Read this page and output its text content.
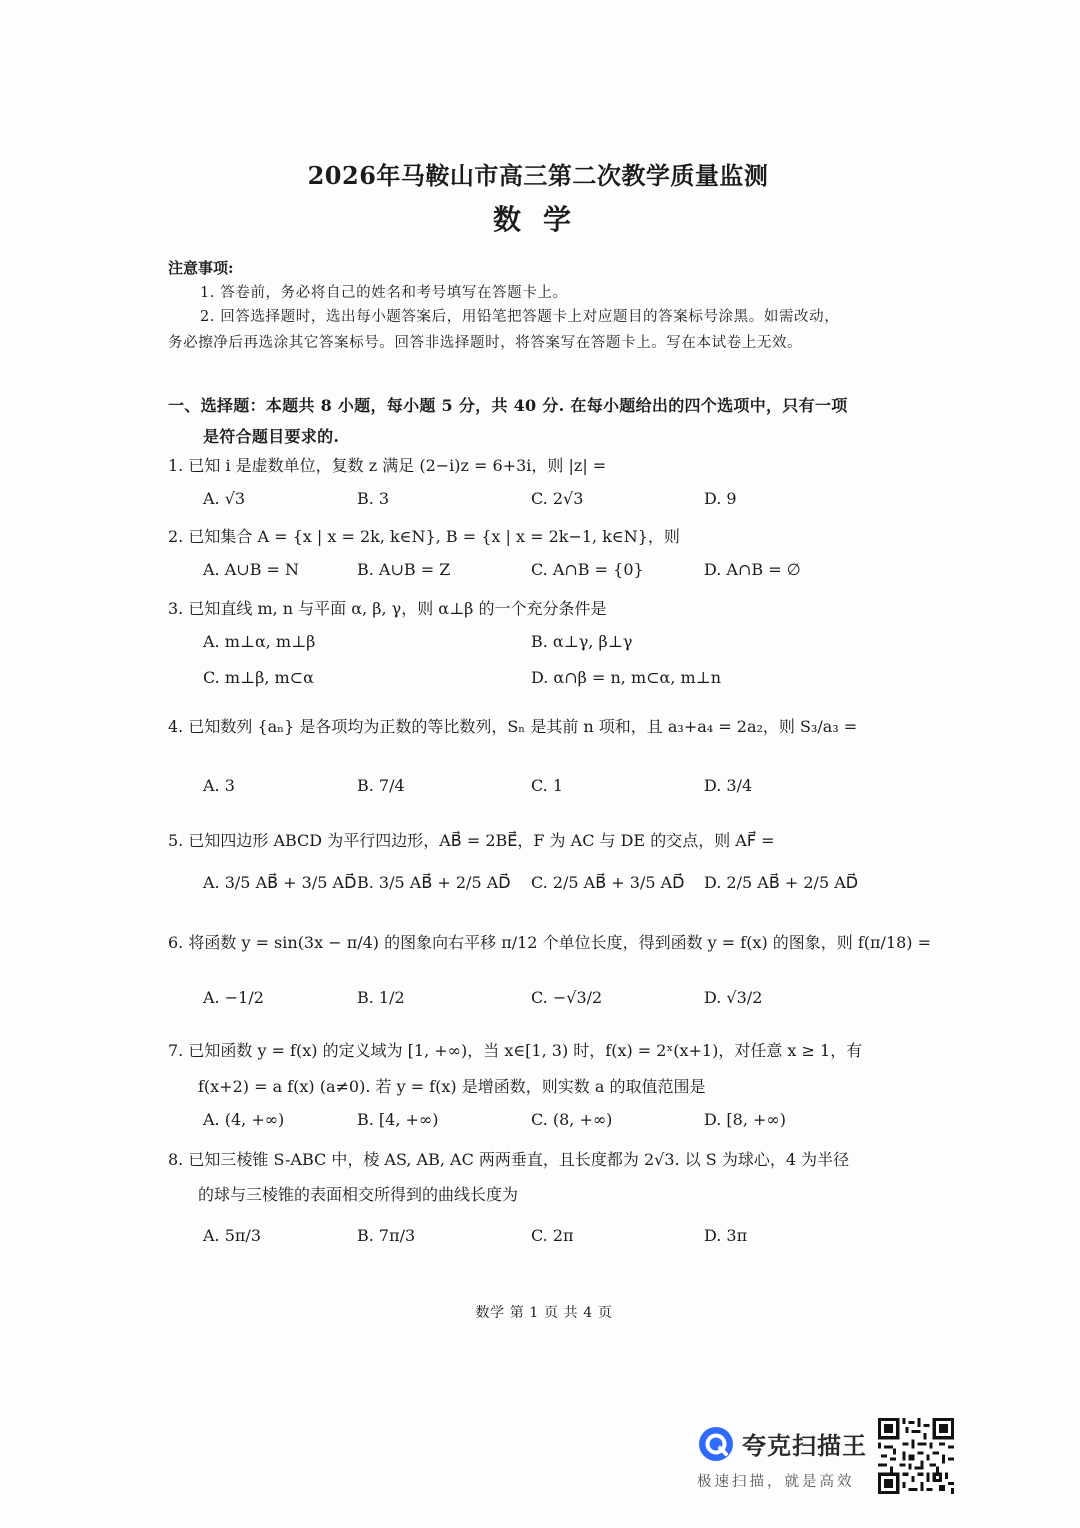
2026年马鞍山市高三第二次教学质量监测
数学
注意事项:
1. 答卷前，务必将自己的姓名和考号填写在答题卡上。
2. 回答选择题时，选出每小题答案后，用铅笔把答题卡上对应题目的答案标号涂黑。如需改动，
务必擦净后再选涂其它答案标号。回答非选择题时，将答案写在答题卡上。写在本试卷上无效。
一、选择题：本题共 8 小题，每小题 5 分，共 40 分. 在每小题给出的四个选项中，只有一项
是符合题目要求的.
1. 已知 i 是虚数单位，复数 z 满足 (2−i)z = 6+3i，则 |z| =
A. √3	B. 3	C. 2√3	D. 9
2. 已知集合 A = {x | x = 2k, k∈N}, B = {x | x = 2k−1, k∈N}，则
A. A∪B = N	B. A∪B = Z	C. A∩B = {0}	D. A∩B = ∅
3. 已知直线 m, n 与平面 α, β, γ，则 α⊥β 的一个充分条件是
A. m⊥α, m⊥β	B. α⊥γ, β⊥γ
C. m⊥β, m⊂α	D. α∩β = n, m⊂α, m⊥n
4. 已知数列 {aₙ} 是各项均为正数的等比数列，Sₙ 是其前 n 项和，且 a₃+a₄ = 2a₂，则 S₃/a₃ =
A. 3	B. 7/4	C. 1	D. 3/4
5. 已知四边形 ABCD 为平行四边形，AB⃗ = 2BE⃗，F 为 AC 与 DE 的交点，则 AF⃗ =
A. 3/5 AB⃗ + 3/5 AD⃗ B. 3/5 AB⃗ + 2/5 AD⃗ C. 2/5 AB⃗ + 3/5 AD⃗ D. 2/5 AB⃗ + 2/5 AD⃗
6. 将函数 y = sin(3x − π/4) 的图象向右平移 π/12 个单位长度，得到函数 y = f(x) 的图象，则 f(π/18) =
A. −1/2	B. 1/2	C. −√3/2	D. √3/2
7. 已知函数 y = f(x) 的定义域为 [1, +∞)，当 x∈[1, 3) 时，f(x) = 2ˣ(x+1)，对任意 x ≥ 1，有
f(x+2) = a f(x) (a≠0). 若 y = f(x) 是增函数，则实数 a 的取值范围是
A. (4, +∞)	B. [4, +∞)	C. (8, +∞)	D. [8, +∞)
8. 已知三棱锥 S-ABC 中，棱 AS, AB, AC 两两垂直，且长度都为 2√3. 以 S 为球心，4 为半径
的球与三棱锥的表面相交所得到的曲线长度为
A. 5π/3	B. 7π/3	C. 2π	D. 3π
数学 第 1 页 共 4 页
夸克扫描王
极速扫描，就是高效
